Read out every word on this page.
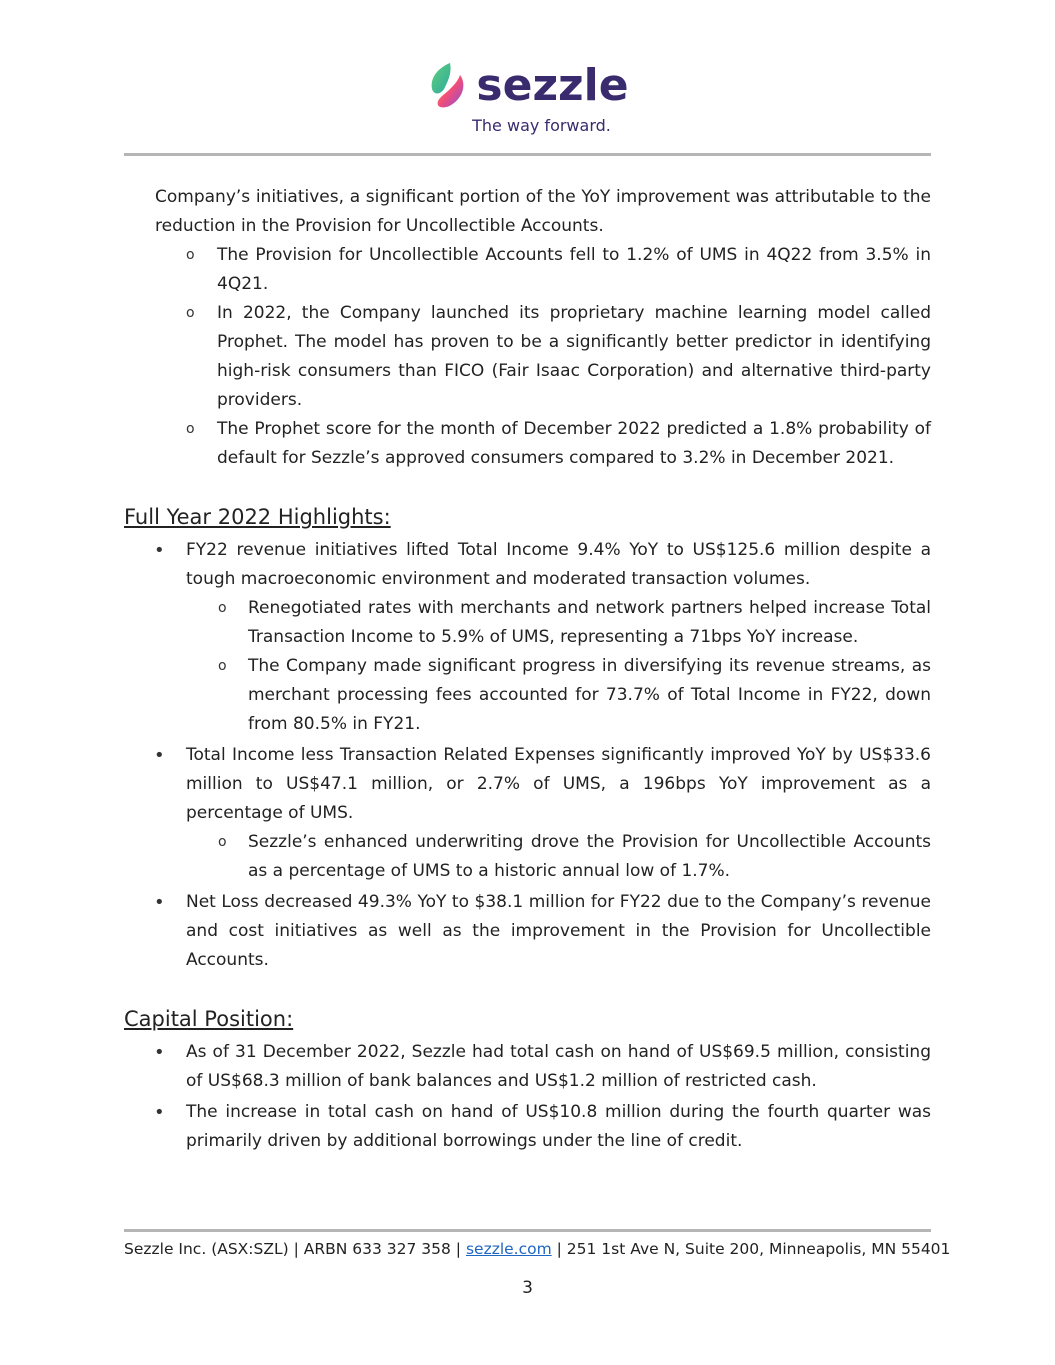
sezzle
The way forward.

Company’s initiatives, a significant portion of the YoY improvement was attributable to the reduction in the Provision for Uncollectible Accounts.

o The Provision for Uncollectible Accounts fell to 1.2% of UMS in 4Q22 from 3.5% in 4Q21.
o In 2022, the Company launched its proprietary machine learning model called Prophet. The model has proven to be a significantly better predictor in identifying high-risk consumers than FICO (Fair Isaac Corporation) and alternative third-party providers.
o The Prophet score for the month of December 2022 predicted a 1.8% probability of default for Sezzle’s approved consumers compared to 3.2% in December 2021.
Full Year 2022 Highlights:
• FY22 revenue initiatives lifted Total Income 9.4% YoY to US$125.6 million despite a tough macroeconomic environment and moderated transaction volumes.
o Renegotiated rates with merchants and network partners helped increase Total Transaction Income to 5.9% of UMS, representing a 71bps YoY increase.
o The Company made significant progress in diversifying its revenue streams, as merchant processing fees accounted for 73.7% of Total Income in FY22, down from 80.5% in FY21.
• Total Income less Transaction Related Expenses significantly improved YoY by US$33.6 million to US$47.1 million, or 2.7% of UMS, a 196bps YoY improvement as a percentage of UMS.
o Sezzle’s enhanced underwriting drove the Provision for Uncollectible Accounts as a percentage of UMS to a historic annual low of 1.7%.
• Net Loss decreased 49.3% YoY to $38.1 million for FY22 due to the Company’s revenue and cost initiatives as well as the improvement in the Provision for Uncollectible Accounts.
Capital Position:
• As of 31 December 2022, Sezzle had total cash on hand of US$69.5 million, consisting of US$68.3 million of bank balances and US$1.2 million of restricted cash.
• The increase in total cash on hand of US$10.8 million during the fourth quarter was primarily driven by additional borrowings under the line of credit.
Sezzle Inc. (ASX:SZL) | ARBN 633 327 358 | sezzle.com | 251 1st Ave N, Suite 200, Minneapolis, MN 55401
3
